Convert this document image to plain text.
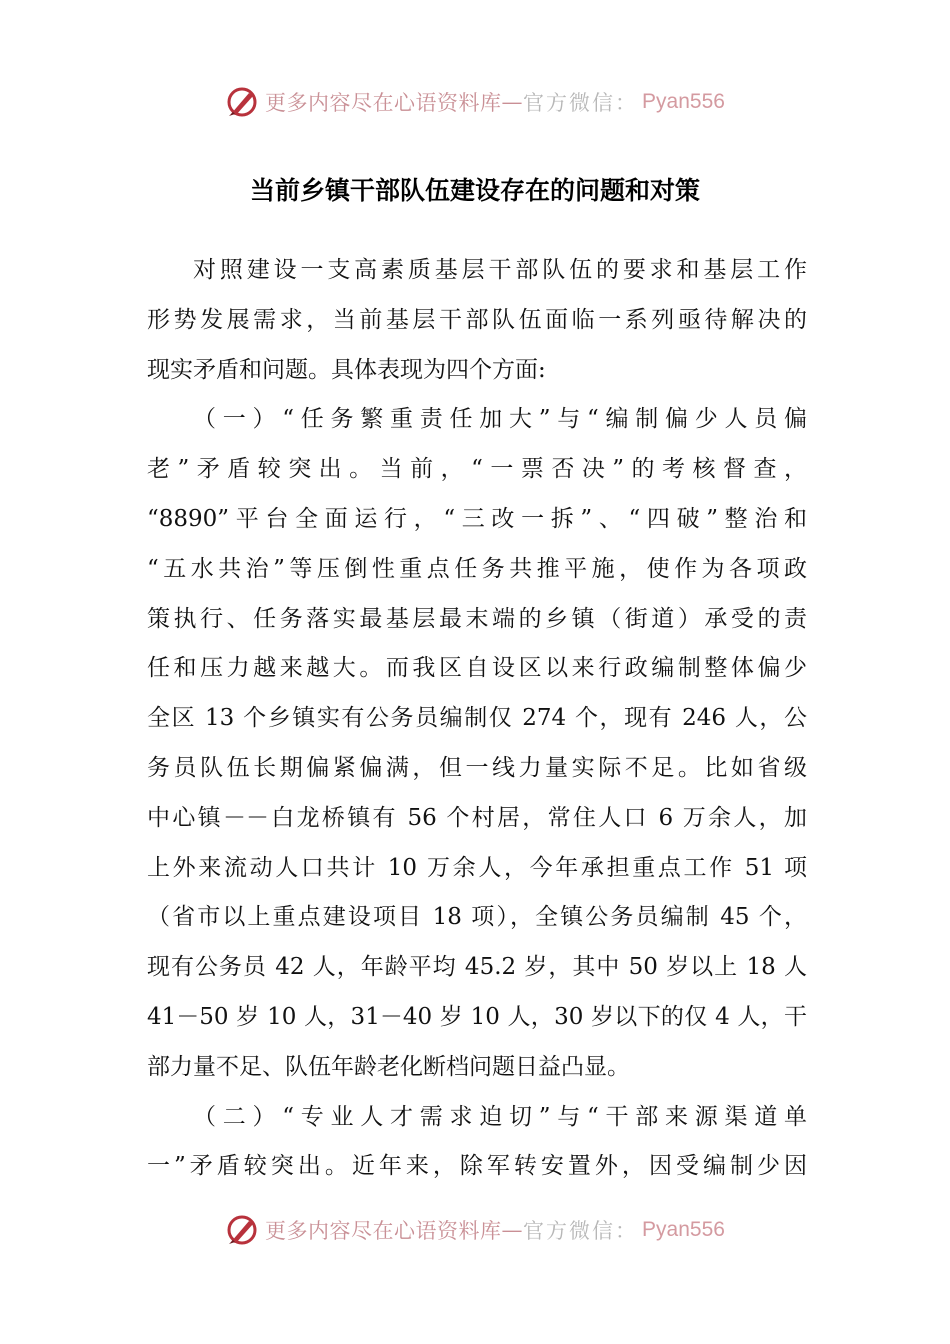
更多内容尽在心语资料库 — 官方微信： Pyan556
当前乡镇干部队伍建设存在的问题和对策
对照建设一支高素质基层干部队伍的要求和基层工作
形势发展需求，当前基层干部队伍面临一系列亟待解决的
现实矛盾和问题。具体表现为四个方面:
（一）“任务繁重责任加大”与“编制偏少人员偏
老”矛盾较突出。当前，“一票否决”的考核督查，
“8890”平台全面运行，“三改一拆”、“四破”整治和
“五水共治”等压倒性重点任务共推平施，使作为各项政
策执行、任务落实最基层最末端的乡镇（街道）承受的责
任和压力越来越大。而我区自设区以来行政编制整体偏少
全区 13 个乡镇实有公务员编制仅 274 个，现有 246 人，公
务员队伍长期偏紧偏满，但一线力量实际不足。比如省级
中心镇－－白龙桥镇有 56 个村居，常住人口 6 万余人，加
上外来流动人口共计 10 万余人，今年承担重点工作 51 项
（省市以上重点建设项目 18 项），全镇公务员编制 45 个，
现有公务员 42 人，年龄平均 45.2 岁，其中 50 岁以上 18 人
41－50 岁 10 人，31－40 岁 10 人，30 岁以下的仅 4 人，干
部力量不足、队伍年龄老化断档问题日益凸显。
（二）“专业人才需求迫切”与“干部来源渠道单
一”矛盾较突出。近年来，除军转安置外，因受编制少因
更多内容尽在心语资料库 — 官方微信： Pyan556
